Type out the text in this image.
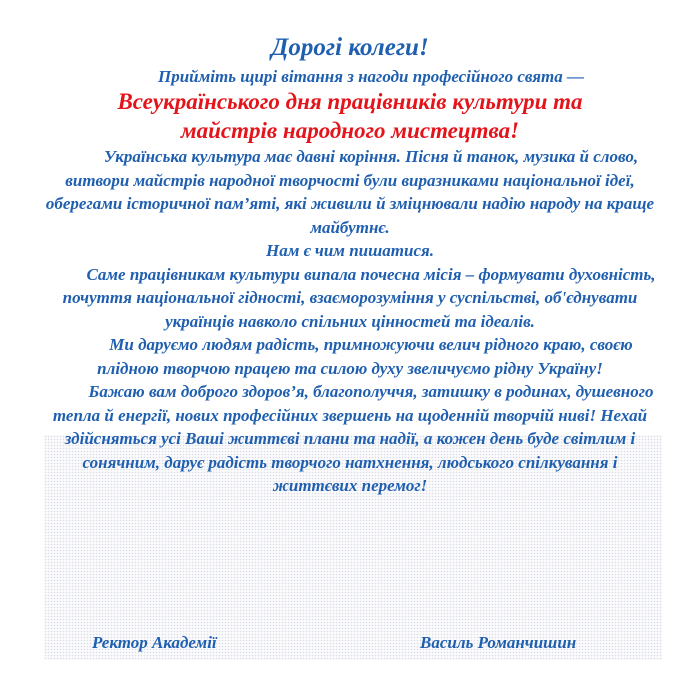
Дорогі колеги!

Прийміть щирі вітання з нагоди професійного свята —

Всеукраїнського дня працівників культури та

майстрів народного мистецтва!

Українська культура має давні коріння. Пісня й танок, музика й слово, витвори майстрів народної творчості були виразниками національної ідеї, оберегами історичної пам’яті, які живили й зміцнювали надію народу на краще майбутнє.

Нам є чим пишатися.

Саме працівникам культури випала почесна місія – формувати духовність, почуття національної гідності, взаєморозуміння у суспільстві, об'єднувати українців навколо спільних цінностей та ідеалів.

Ми даруємо людям радість, примножуючи велич рідного краю, своєю плідною творчою працею та силою духу звеличуємо рідну Україну!

Бажаю вам доброго здоров’я, благополуччя, затишку в родинах, душевного тепла й енергії, нових професійних звершень на щоденній творчій ниві! Нехай здійсняться усі Ваші життєві плани та надії, а кожен день буде світлим і сонячним, дарує радість творчого натхнення, людського спілкування і життєвих перемог!

Ректор Академії	Василь Романчишин
